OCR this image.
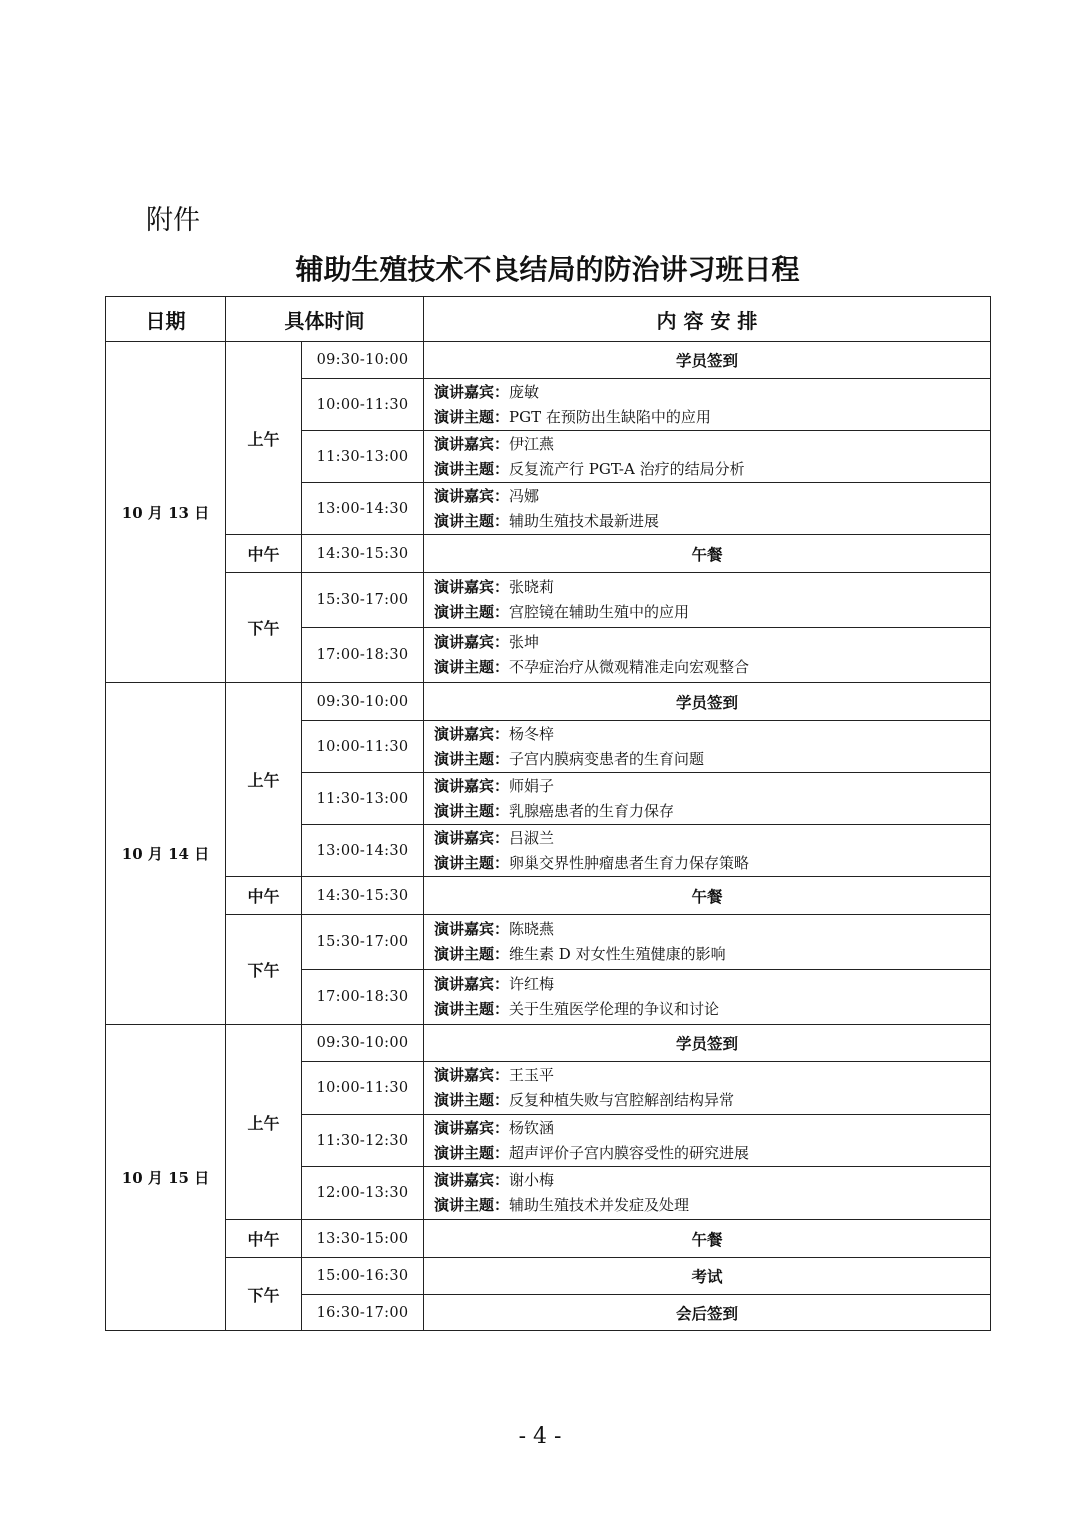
附件
辅助生殖技术不良结局的防治讲习班日程
日期	具体时间		内 容 安 排
10 月 13 日	上午	09:30-10:00	学员签到
		10:00-11:30	演讲嘉宾：庞敏
演讲主题：PGT 在预防出生缺陷中的应用

		11:30-13:00	演讲嘉宾：伊江燕
演讲主题：反复流产行 PGT-A 治疗的结局分析

		13:00-14:30	演讲嘉宾：冯娜
演讲主题：辅助生殖技术最新进展

	中午	14:30-15:30	午餐
	下午	15:30-17:00	演讲嘉宾：张晓莉
演讲主题：宫腔镜在辅助生殖中的应用

		17:00-18:30	演讲嘉宾：张坤
演讲主题：不孕症治疗从微观精准走向宏观整合

10 月 14 日	上午	09:30-10:00	学员签到
		10:00-11:30	演讲嘉宾：杨冬梓
演讲主题：子宫内膜病变患者的生育问题

		11:30-13:00	演讲嘉宾：师娟子
演讲主题：乳腺癌患者的生育力保存

		13:00-14:30	演讲嘉宾：吕淑兰
演讲主题：卵巢交界性肿瘤患者生育力保存策略

	中午	14:30-15:30	午餐
	下午	15:30-17:00	演讲嘉宾：陈晓燕
演讲主题：维生素 D 对女性生殖健康的影响

		17:00-18:30	演讲嘉宾：许红梅
演讲主题：关于生殖医学伦理的争议和讨论

10 月 15 日	上午	09:30-10:00	学员签到
		10:00-11:30	演讲嘉宾：王玉平
演讲主题：反复种植失败与宫腔解剖结构异常

		11:30-12:30	演讲嘉宾：杨钦涵
演讲主题：超声评价子宫内膜容受性的研究进展

		12:00-13:30	演讲嘉宾：谢小梅
演讲主题：辅助生殖技术并发症及处理

	中午	13:30-15:00	午餐
	下午	15:00-16:30	考试
		16:30-17:00	会后签到
- 4 -
